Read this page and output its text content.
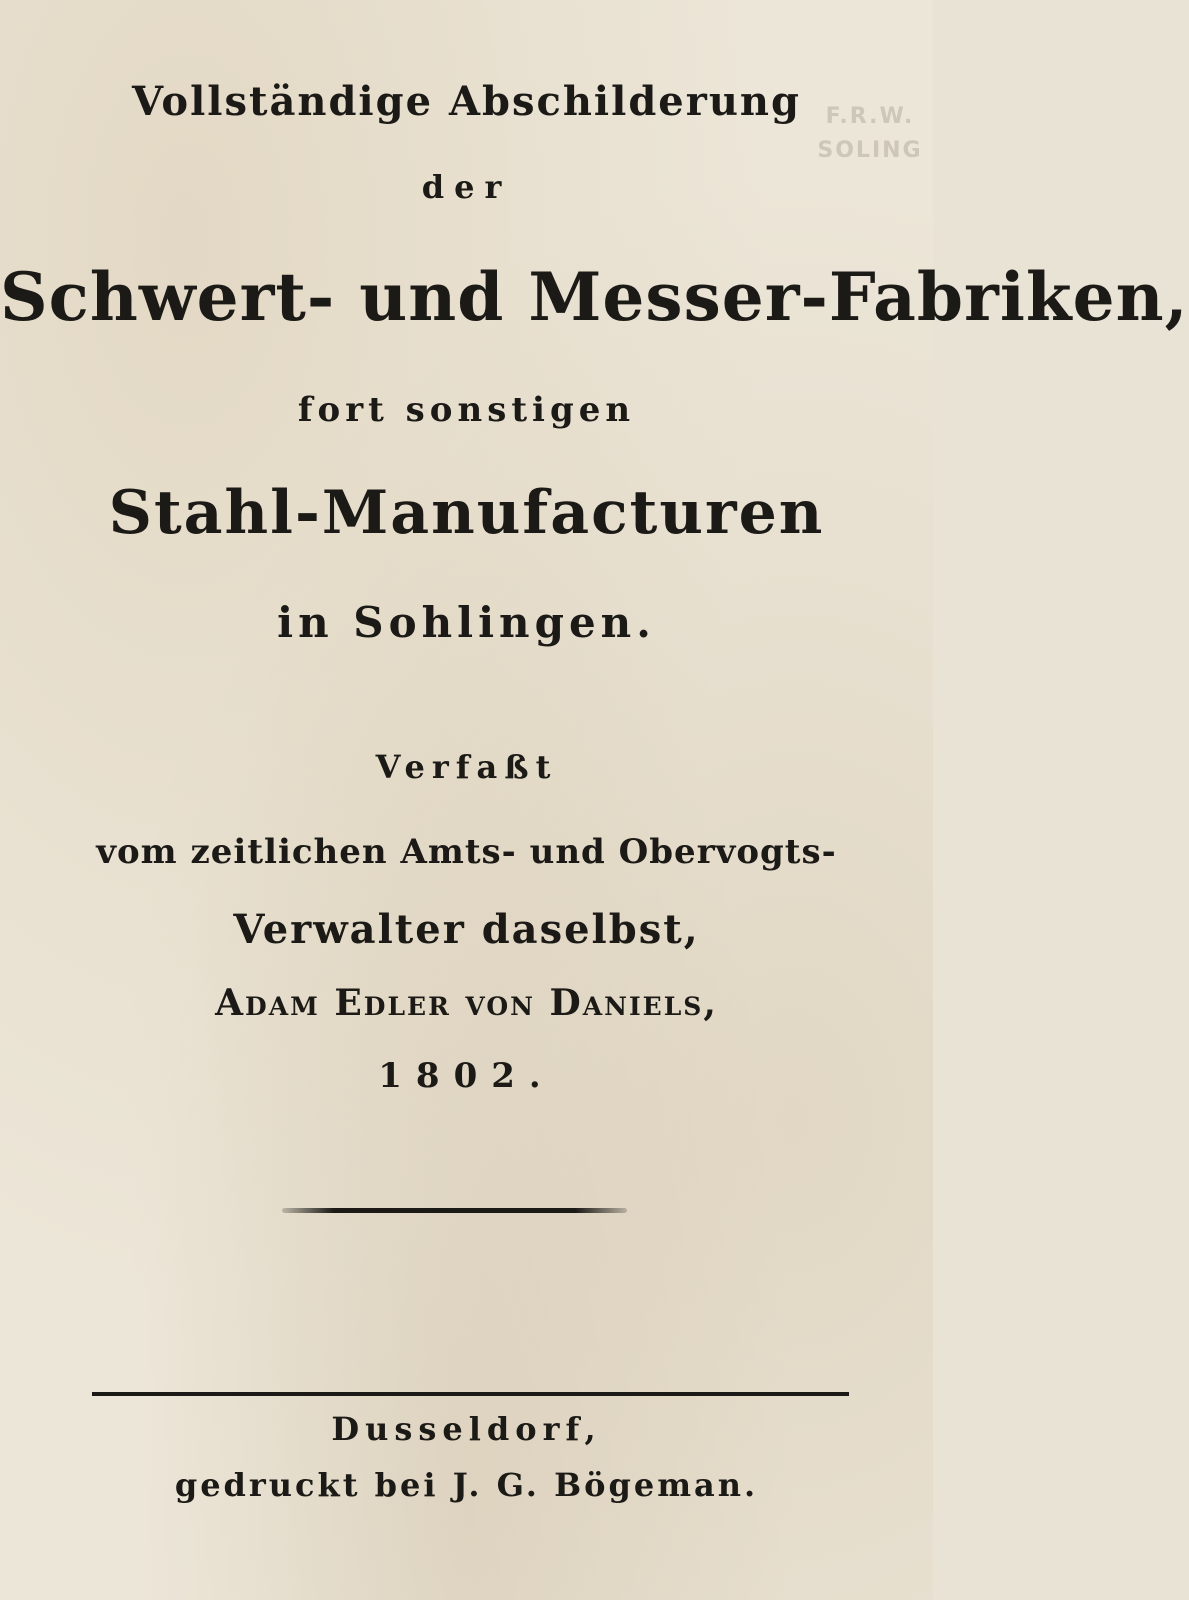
F.R.W.
SOLING
Vollständige Abschilderung
der
Schwert- und Messer-Fabriken,
fort sonstigen
Stahl-Manufacturen
in Sohlingen.
Verfaßt
vom zeitlichen Amts- und Obervogts-
Verwalter daselbst,
Adam Edler von Daniels,
1802.
Dusseldorf,
gedruckt bei J. G. Bögeman.
